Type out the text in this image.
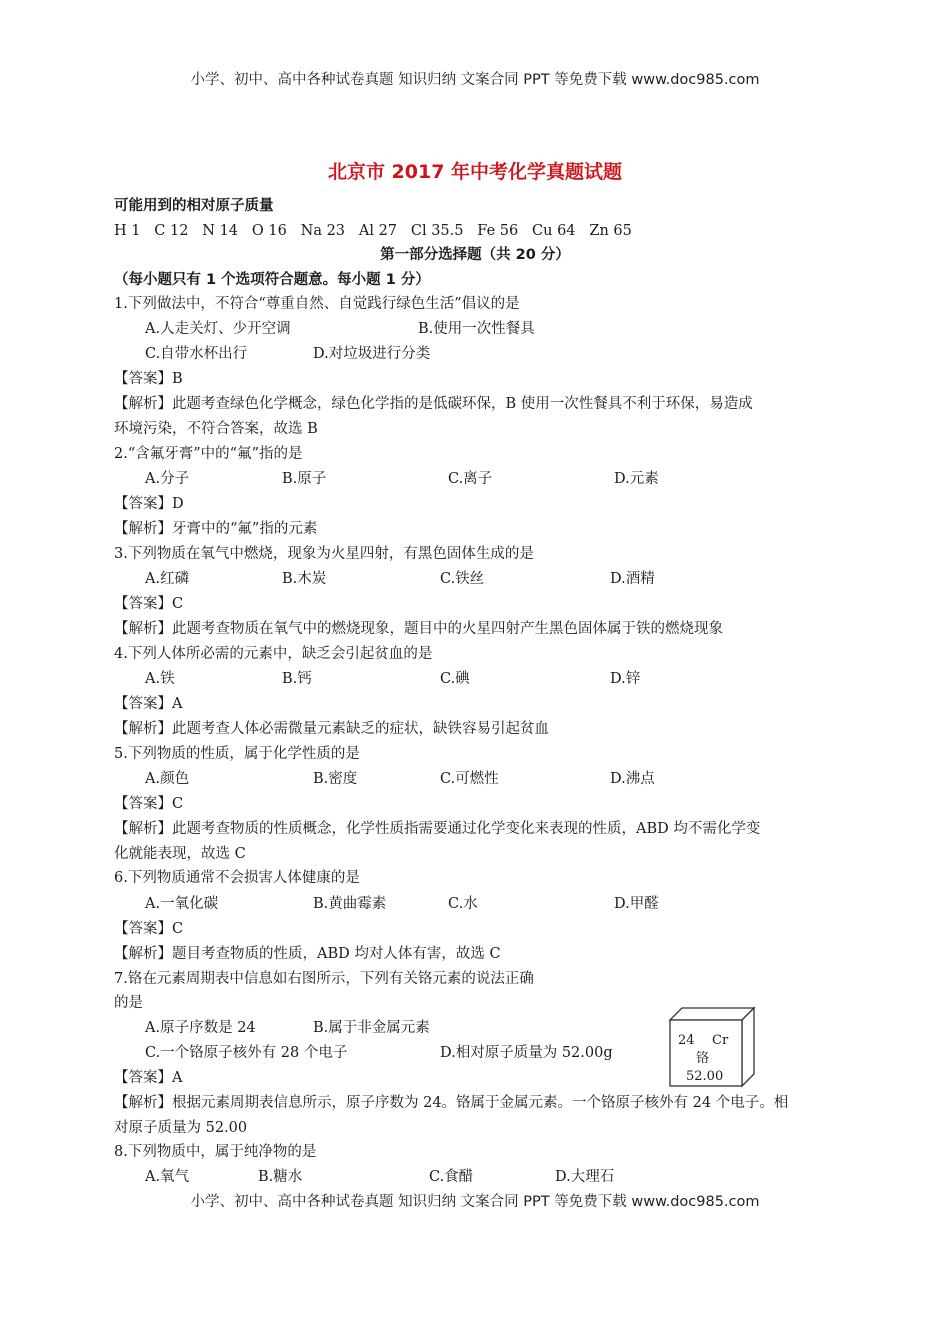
小学、初中、高中各种试卷真题 知识归纳 文案合同 PPT 等免费下载 www.doc985.com
北京市 2017 年中考化学真题试题
可能用到的相对原子质量
H 1   C 12   N 14   O 16   Na 23   Al 27   Cl 35.5   Fe 56   Cu 64   Zn 65
第一部分选择题（共 20 分）
（每小题只有 1 个选项符合题意。每小题 1 分）
1.下列做法中，不符合“尊重自然、自觉践行绿色生活”倡议的是
A.人走关灯、少开空调	B.使用一次性餐具
C.自带水杯出行	D.对垃圾进行分类
【答案】B
【解析】此题考查绿色化学概念，绿色化学指的是低碳环保，B 使用一次性餐具不利于环保，易造成
环境污染，不符合答案，故选 B
2.“含氟牙膏”中的“氟”指的是
A.分子	B.原子	C.离子	D.元素
【答案】D
【解析】牙膏中的“氟”指的元素
3.下列物质在氧气中燃烧，现象为火星四射，有黑色固体生成的是
A.红磷	B.木炭	C.铁丝	D.酒精
【答案】C
【解析】此题考查物质在氧气中的燃烧现象，题目中的火星四射产生黑色固体属于铁的燃烧现象
4.下列人体所必需的元素中，缺乏会引起贫血的是
A.铁	B.钙	C.碘	D.锌
【答案】A
【解析】此题考查人体必需微量元素缺乏的症状，缺铁容易引起贫血
5.下列物质的性质，属于化学性质的是
A.颜色	B.密度	C.可燃性	D.沸点
【答案】C
【解析】此题考查物质的性质概念，化学性质指需要通过化学变化来表现的性质，ABD 均不需化学变
化就能表现，故选 C
6.下列物质通常不会损害人体健康的是
A.一氧化碳	B.黄曲霉素	C.水	D.甲醛
【答案】C
【解析】题目考查物质的性质，ABD 均对人体有害，故选 C
7.铬在元素周期表中信息如右图所示，下列有关铬元素的说法正确
的是
A.原子序数是 24	B.属于非金属元素
C.一个铬原子核外有 28 个电子	D.相对原子质量为 52.00g
【答案】A
【解析】根据元素周期表信息所示，原子序数为 24。铬属于金属元素。一个铬原子核外有 24 个电子。相
对原子质量为 52.00
24 Cr
铬
52.00
8.下列物质中，属于纯净物的是
A.氧气	B.糖水	C.食醋	D.大理石
小学、初中、高中各种试卷真题 知识归纳 文案合同 PPT 等免费下载 www.doc985.com
